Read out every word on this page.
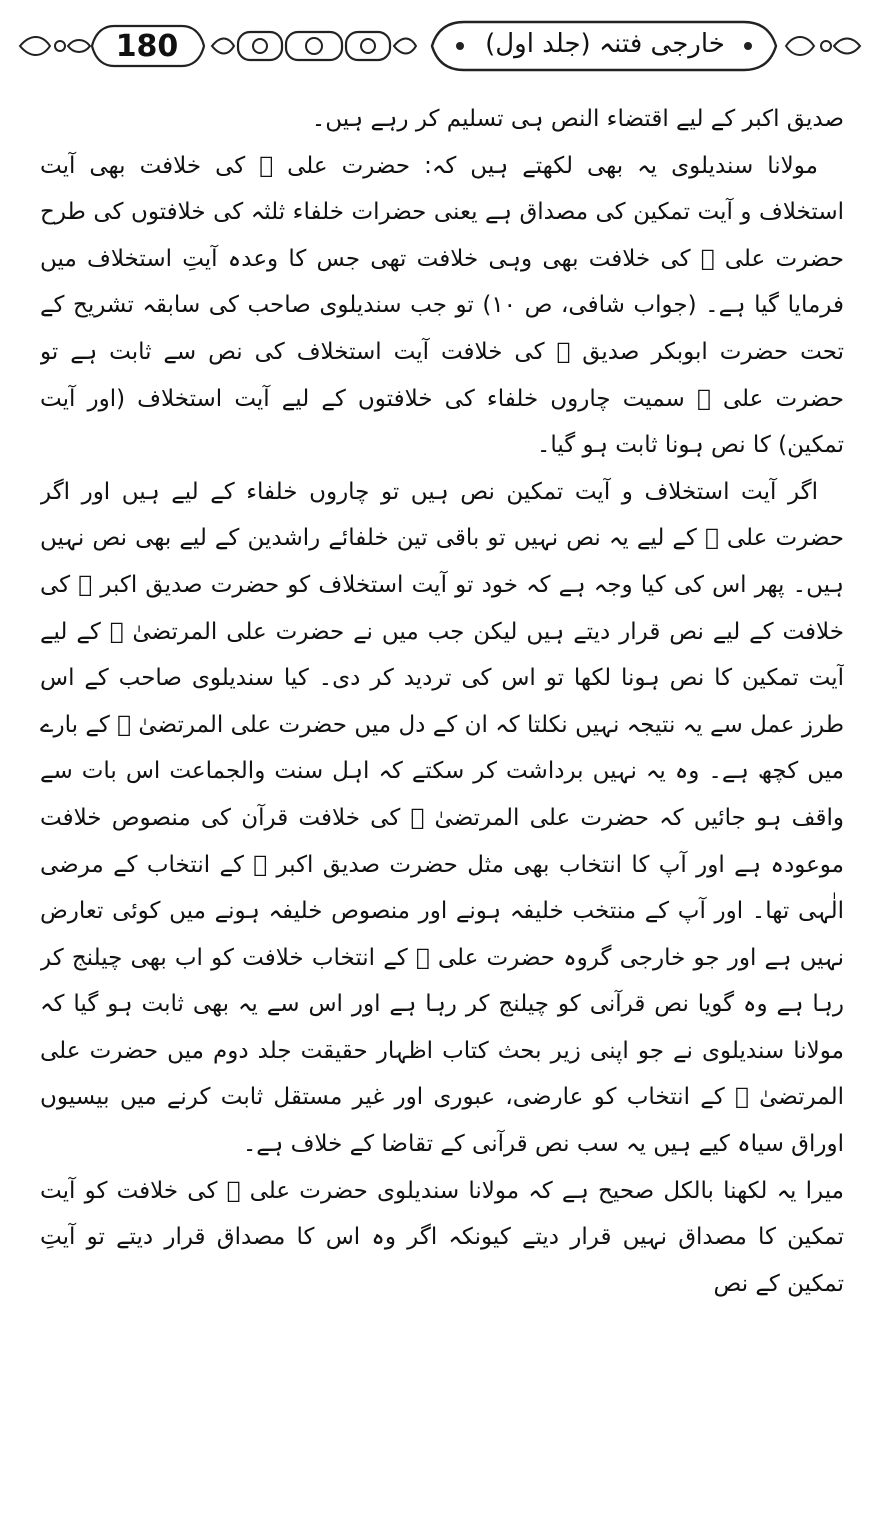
180	خارجی فتنہ (جلد اول)

صدیق اکبر کے لیے اقتضاء النص ہی تسلیم کر رہے ہیں۔

مولانا سندیلوی یہ بھی لکھتے ہیں کہ: حضرت علی ﷜ کی خلافت بھی آیت استخلاف و آیت تمکین کی مصداق ہے یعنی حضرات خلفاء ثلثہ کی خلافتوں کی طرح حضرت علی ﷜ کی خلافت بھی وہی خلافت تھی جس کا وعدہ آیتِ استخلاف میں فرمایا گیا ہے۔ (جواب شافی، ص ۱۰) تو جب سندیلوی صاحب کی سابقہ تشریح کے تحت حضرت ابوبکر صدیق ﷜ کی خلافت آیت استخلاف کی نص سے ثابت ہے تو حضرت علی ﷜ سمیت چاروں خلفاء کی خلافتوں کے لیے آیت استخلاف (اور آیت تمکین) کا نص ہونا ثابت ہو گیا۔

اگر آیت استخلاف و آیت تمکین نص ہیں تو چاروں خلفاء کے لیے ہیں اور اگر حضرت علی ﷜ کے لیے یہ نص نہیں تو باقی تین خلفائے راشدین کے لیے بھی نص نہیں ہیں۔ پھر اس کی کیا وجہ ہے کہ خود تو آیت استخلاف کو حضرت صدیق اکبر ﷜ کی خلافت کے لیے نص قرار دیتے ہیں لیکن جب میں نے حضرت علی المرتضیٰ ﷜ کے لیے آیت تمکین کا نص ہونا لکھا تو اس کی تردید کر دی۔ کیا سندیلوی صاحب کے اس طرز عمل سے یہ نتیجہ نہیں نکلتا کہ ان کے دل میں حضرت علی المرتضیٰ ﷜ کے بارے میں کچھ ہے۔ وہ یہ نہیں برداشت کر سکتے کہ اہل سنت والجماعت اس بات سے واقف ہو جائیں کہ حضرت علی المرتضیٰ ﷜ کی خلافت قرآن کی منصوص خلافت موعودہ ہے اور آپ کا انتخاب بھی مثل حضرت صدیق اکبر ﷜ کے انتخاب کے مرضی الٰہی تھا۔ اور آپ کے منتخب خلیفہ ہونے اور منصوص خلیفہ ہونے میں کوئی تعارض نہیں ہے اور جو خارجی گروہ حضرت علی ﷜ کے انتخاب خلافت کو اب بھی چیلنج کر رہا ہے وہ گویا نص قرآنی کو چیلنج کر رہا ہے اور اس سے یہ بھی ثابت ہو گیا کہ مولانا سندیلوی نے جو اپنی زیر بحث کتاب اظہار حقیقت جلد دوم میں حضرت علی المرتضیٰ ﷜ کے انتخاب کو عارضی، عبوری اور غیر مستقل ثابت کرنے میں بیسیوں اوراق سیاہ کیے ہیں یہ سب نص قرآنی کے تقاضا کے خلاف ہے۔

میرا یہ لکھنا بالکل صحیح ہے کہ مولانا سندیلوی حضرت علی ﷜ کی خلافت کو آیت تمکین کا مصداق نہیں قرار دیتے کیونکہ اگر وہ اس کا مصداق قرار دیتے تو آیتِ تمکین کے نص
